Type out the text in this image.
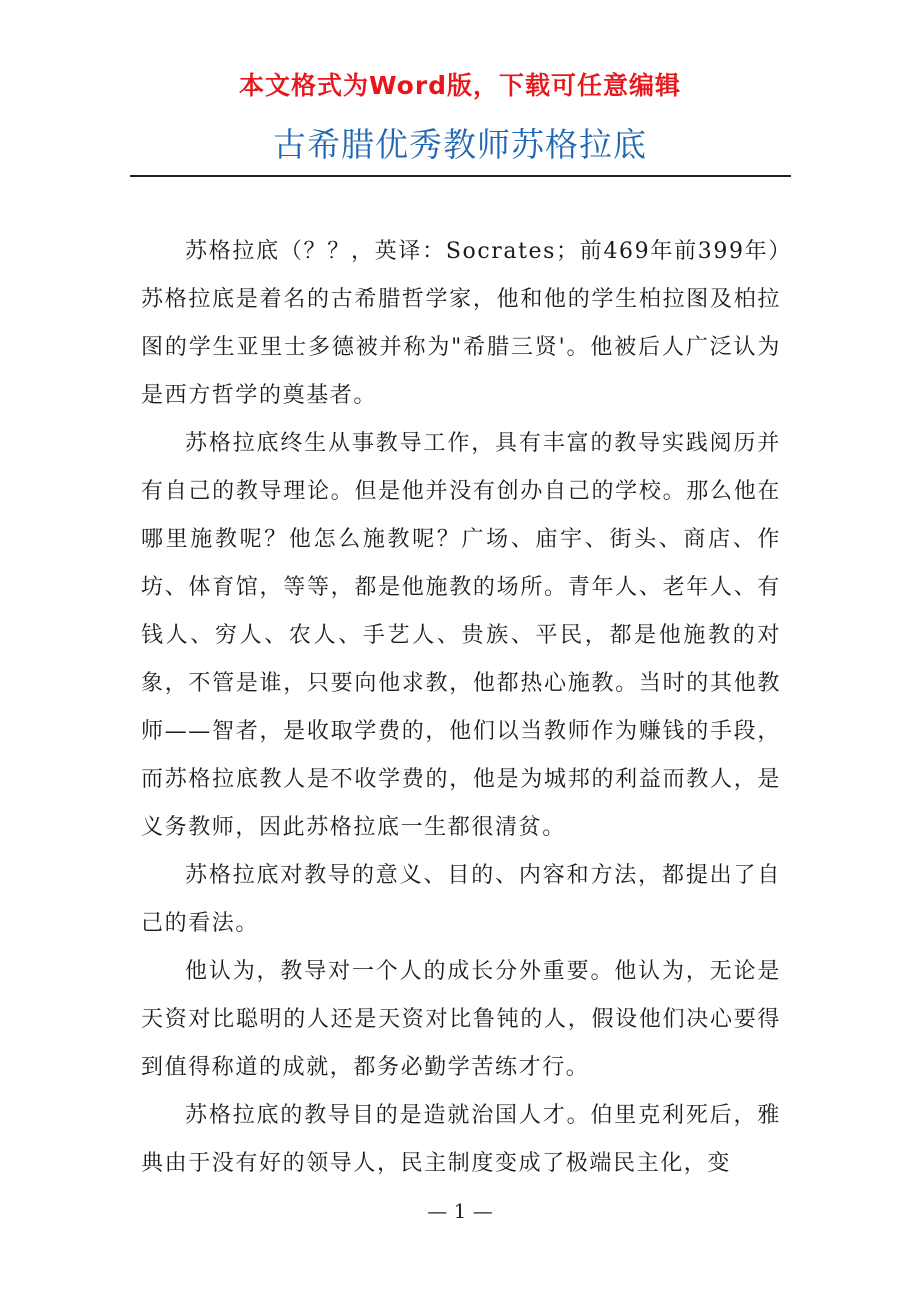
本文格式为Word版，下载可任意编辑
古希腊优秀教师苏格拉底

苏格拉底（？？，英译：Socrates；前469年前399年）苏格拉底是着名的古希腊哲学家，他和他的学生柏拉图及柏拉图的学生亚里士多德被并称为"希腊三贤'。他被后人广泛认为是西方哲学的奠基者。

苏格拉底终生从事教导工作，具有丰富的教导实践阅历并有自己的教导理论。但是他并没有创办自己的学校。那么他在哪里施教呢？他怎么施教呢？广场、庙宇、街头、商店、作坊、体育馆，等等，都是他施教的场所。青年人、老年人、有钱人、穷人、农人、手艺人、贵族、平民，都是他施教的对象，不管是谁，只要向他求教，他都热心施教。当时的其他教师——智者，是收取学费的，他们以当教师作为赚钱的手段，而苏格拉底教人是不收学费的，他是为城邦的利益而教人，是义务教师，因此苏格拉底一生都很清贫。

苏格拉底对教导的意义、目的、内容和方法，都提出了自己的看法。

他认为，教导对一个人的成长分外重要。他认为，无论是天资对比聪明的人还是天资对比鲁钝的人，假设他们决心要得到值得称道的成就，都务必勤学苦练才行。

苏格拉底的教导目的是造就治国人才。伯里克利死后，雅典由于没有好的领导人，民主制度变成了极端民主化，变

— 1 —
